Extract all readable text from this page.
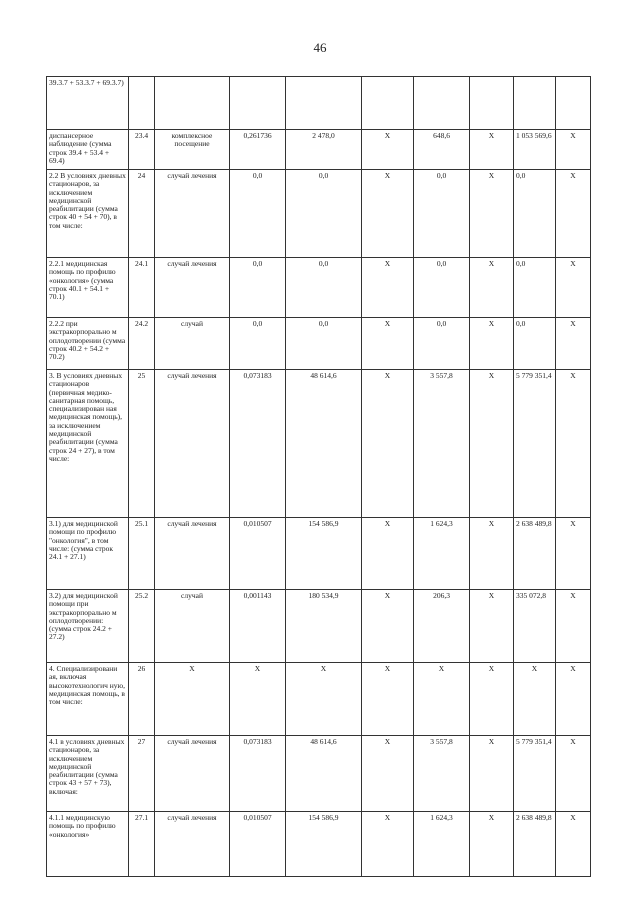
46
39.3.7 + 53.3.7 + 69.3.7)									
диспансерное наблюдение (сумма строк 39.4 + 53.4 + 69.4)	23.4	комплексное посещение	0,261736	2 478,0	X	648,6	X	1 053 569,6	X
2.2 В условиях дневных стационаров, за исключением медицинской реабилитации (сумма строк 40 + 54 + 70), в том числе:	24	случай лечения	0,0	0,0	X	0,0	X	0,0	X
2.2.1 медицинская помощь по профилю «онкология» (сумма строк 40.1 + 54.1 + 70.1)	24.1	случай лечения	0,0	0,0	X	0,0	X	0,0	X
2.2.2 при экстракорпорально м оплодотворении (сумма строк 40.2 + 54.2 + 70.2)	24.2	случай	0,0	0,0	X	0,0	X	0,0	X
3. В условиях дневных стационаров (первичная медико-санитарная помощь, специализирован ная медицинская помощь), за исключением медицинской реабилитации (сумма строк 24 + 27), в том числе:	25	случай лечения	0,073183	48 614,6	X	3 557,8	X	5 779 351,4	X
3.1) для медицинской помощи по профилю "онкология", в том числе: (сумма строк 24.1 + 27.1)	25.1	случай лечения	0,010507	154 586,9	X	1 624,3	X	2 638 489,8	X
3.2) для медицинской помощи при экстракорпорально м оплодотворении: (сумма строк 24.2 + 27.2)	25.2	случай	0,001143	180 534,9	X	206,3	X	335 072,8	X
4. Специализировани ая, включая высокотехнологич ную, медицинская помощь, в том числе:	26	X	X	X	X	X	X	X	X
4.1 в условиях дневных стационаров, за исключением медицинской реабилитации (сумма строк 43 + 57 + 73), включая:	27	случай лечения	0,073183	48 614,6	X	3 557,8	X	5 779 351,4	X
4.1.1 медицинскую помощь по профилю «онкология»	27.1	случай лечения	0,010507	154 586,9	X	1 624,3	X	2 638 489,8	X
